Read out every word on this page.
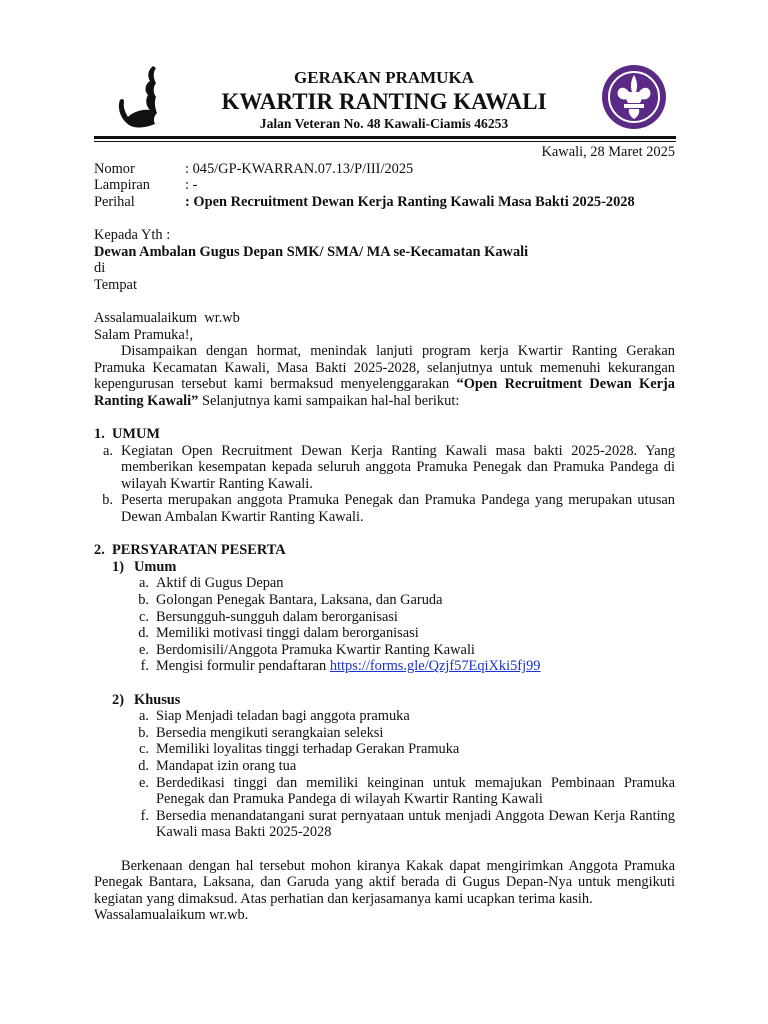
GERAKAN PRAMUKA
KWARTIR RANTING KAWALI
Jalan Veteran No. 48 Kawali-Ciamis 46253

Kawali, 28 Maret 2025

Nomor	: 045/GP-KWARRAN.07.13/P/III/2025
Lampiran	: -
Perihal	: Open Recruitment Dewan Kerja Ranting Kawali Masa Bakti 2025-2028

Kepada Yth :

Dewan Ambalan Gugus Depan SMK/ SMA/ MA se-Kecamatan Kawali

di

Tempat

Assalamualaikum  wr.wb

Salam Pramuka!,

Disampaikan dengan hormat, menindak lanjuti program kerja Kwartir Ranting Gerakan Pramuka Kecamatan Kawali, Masa Bakti 2025-2028, selanjutnya untuk memenuhi kekurangan kepengurusan tersebut kami bermaksud menyelenggarakan “Open Recruitment Dewan Kerja Ranting Kawali” Selanjutnya kami sampaikan hal-hal berikut:

1. UMUM
a. Kegiatan Open Recruitment Dewan Kerja Ranting Kawali masa bakti 2025-2028. Yang memberikan kesempatan kepada seluruh anggota Pramuka Penegak dan Pramuka Pandega di wilayah Kwartir Ranting Kawali.
b. Peserta merupakan anggota Pramuka Penegak dan Pramuka Pandega yang merupakan utusan Dewan Ambalan Kwartir Ranting Kawali.
2. PERSYARATAN PESERTA
1) Umum
a. Aktif di Gugus Depan
b. Golongan Penegak Bantara, Laksana, dan Garuda
c. Bersungguh-sungguh dalam berorganisasi
d. Memiliki motivasi tinggi dalam berorganisasi
e. Berdomisili/Anggota Pramuka Kwartir Ranting Kawali
f. Mengisi formulir pendaftaran https://forms.gle/Qzjf57EqiXki5fj99
2) Khusus
a. Siap Menjadi teladan bagi anggota pramuka
b. Bersedia mengikuti serangkaian seleksi
c. Memiliki loyalitas tinggi terhadap Gerakan Pramuka
d. Mandapat izin orang tua
e. Berdedikasi tinggi dan memiliki keinginan untuk memajukan Pembinaan Pramuka Penegak dan Pramuka Pandega di wilayah Kwartir Ranting Kawali
f. Bersedia menandatangani surat pernyataan untuk menjadi Anggota Dewan Kerja Ranting Kawali masa Bakti 2025-2028

Berkenaan dengan hal tersebut mohon kiranya Kakak dapat mengirimkan Anggota Pramuka Penegak Bantara, Laksana, dan Garuda yang aktif berada di Gugus Depan-Nya untuk mengikuti kegiatan yang dimaksud. Atas perhatian dan kerjasamanya kami ucapkan terima kasih.

Wassalamualaikum wr.wb.
